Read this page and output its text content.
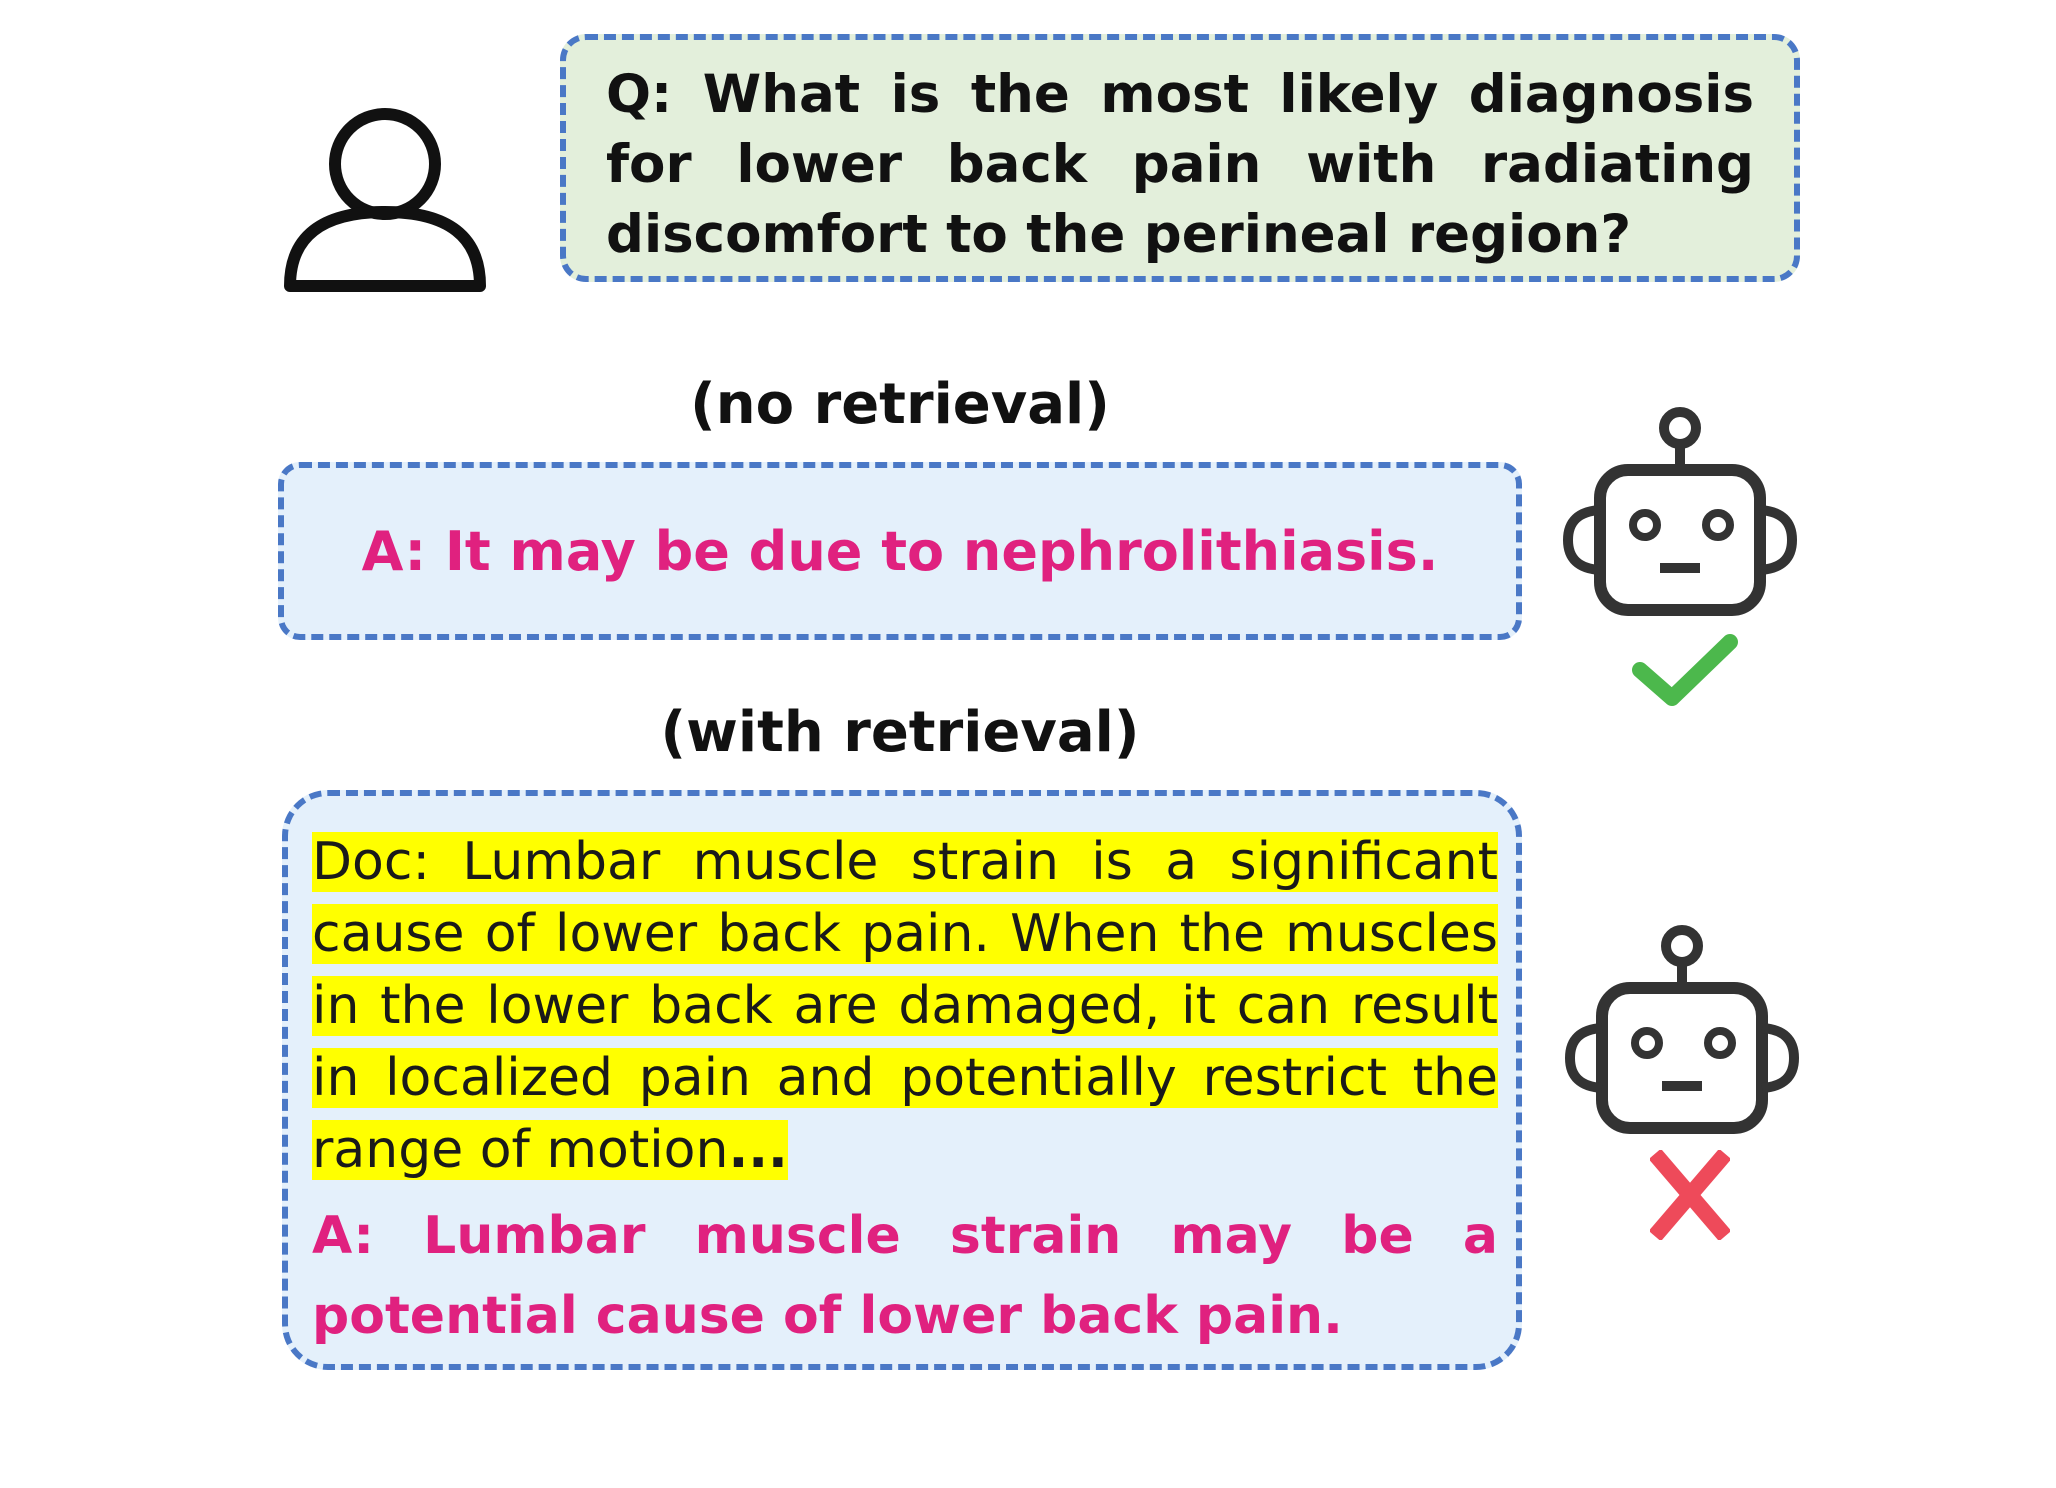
Q: What is the most likely diagnosis for lower back pain with radiating discomfort to the perineal region?
(no retrieval)
A: It may be due to nephrolithiasis.
(with retrieval)
Doc: Lumbar muscle strain is a significant cause of lower back pain. When the muscles in the lower back are damaged, it can result in localized pain and potentially restrict the range of motion...
A: Lumbar muscle strain may be a potential cause of lower back pain.
